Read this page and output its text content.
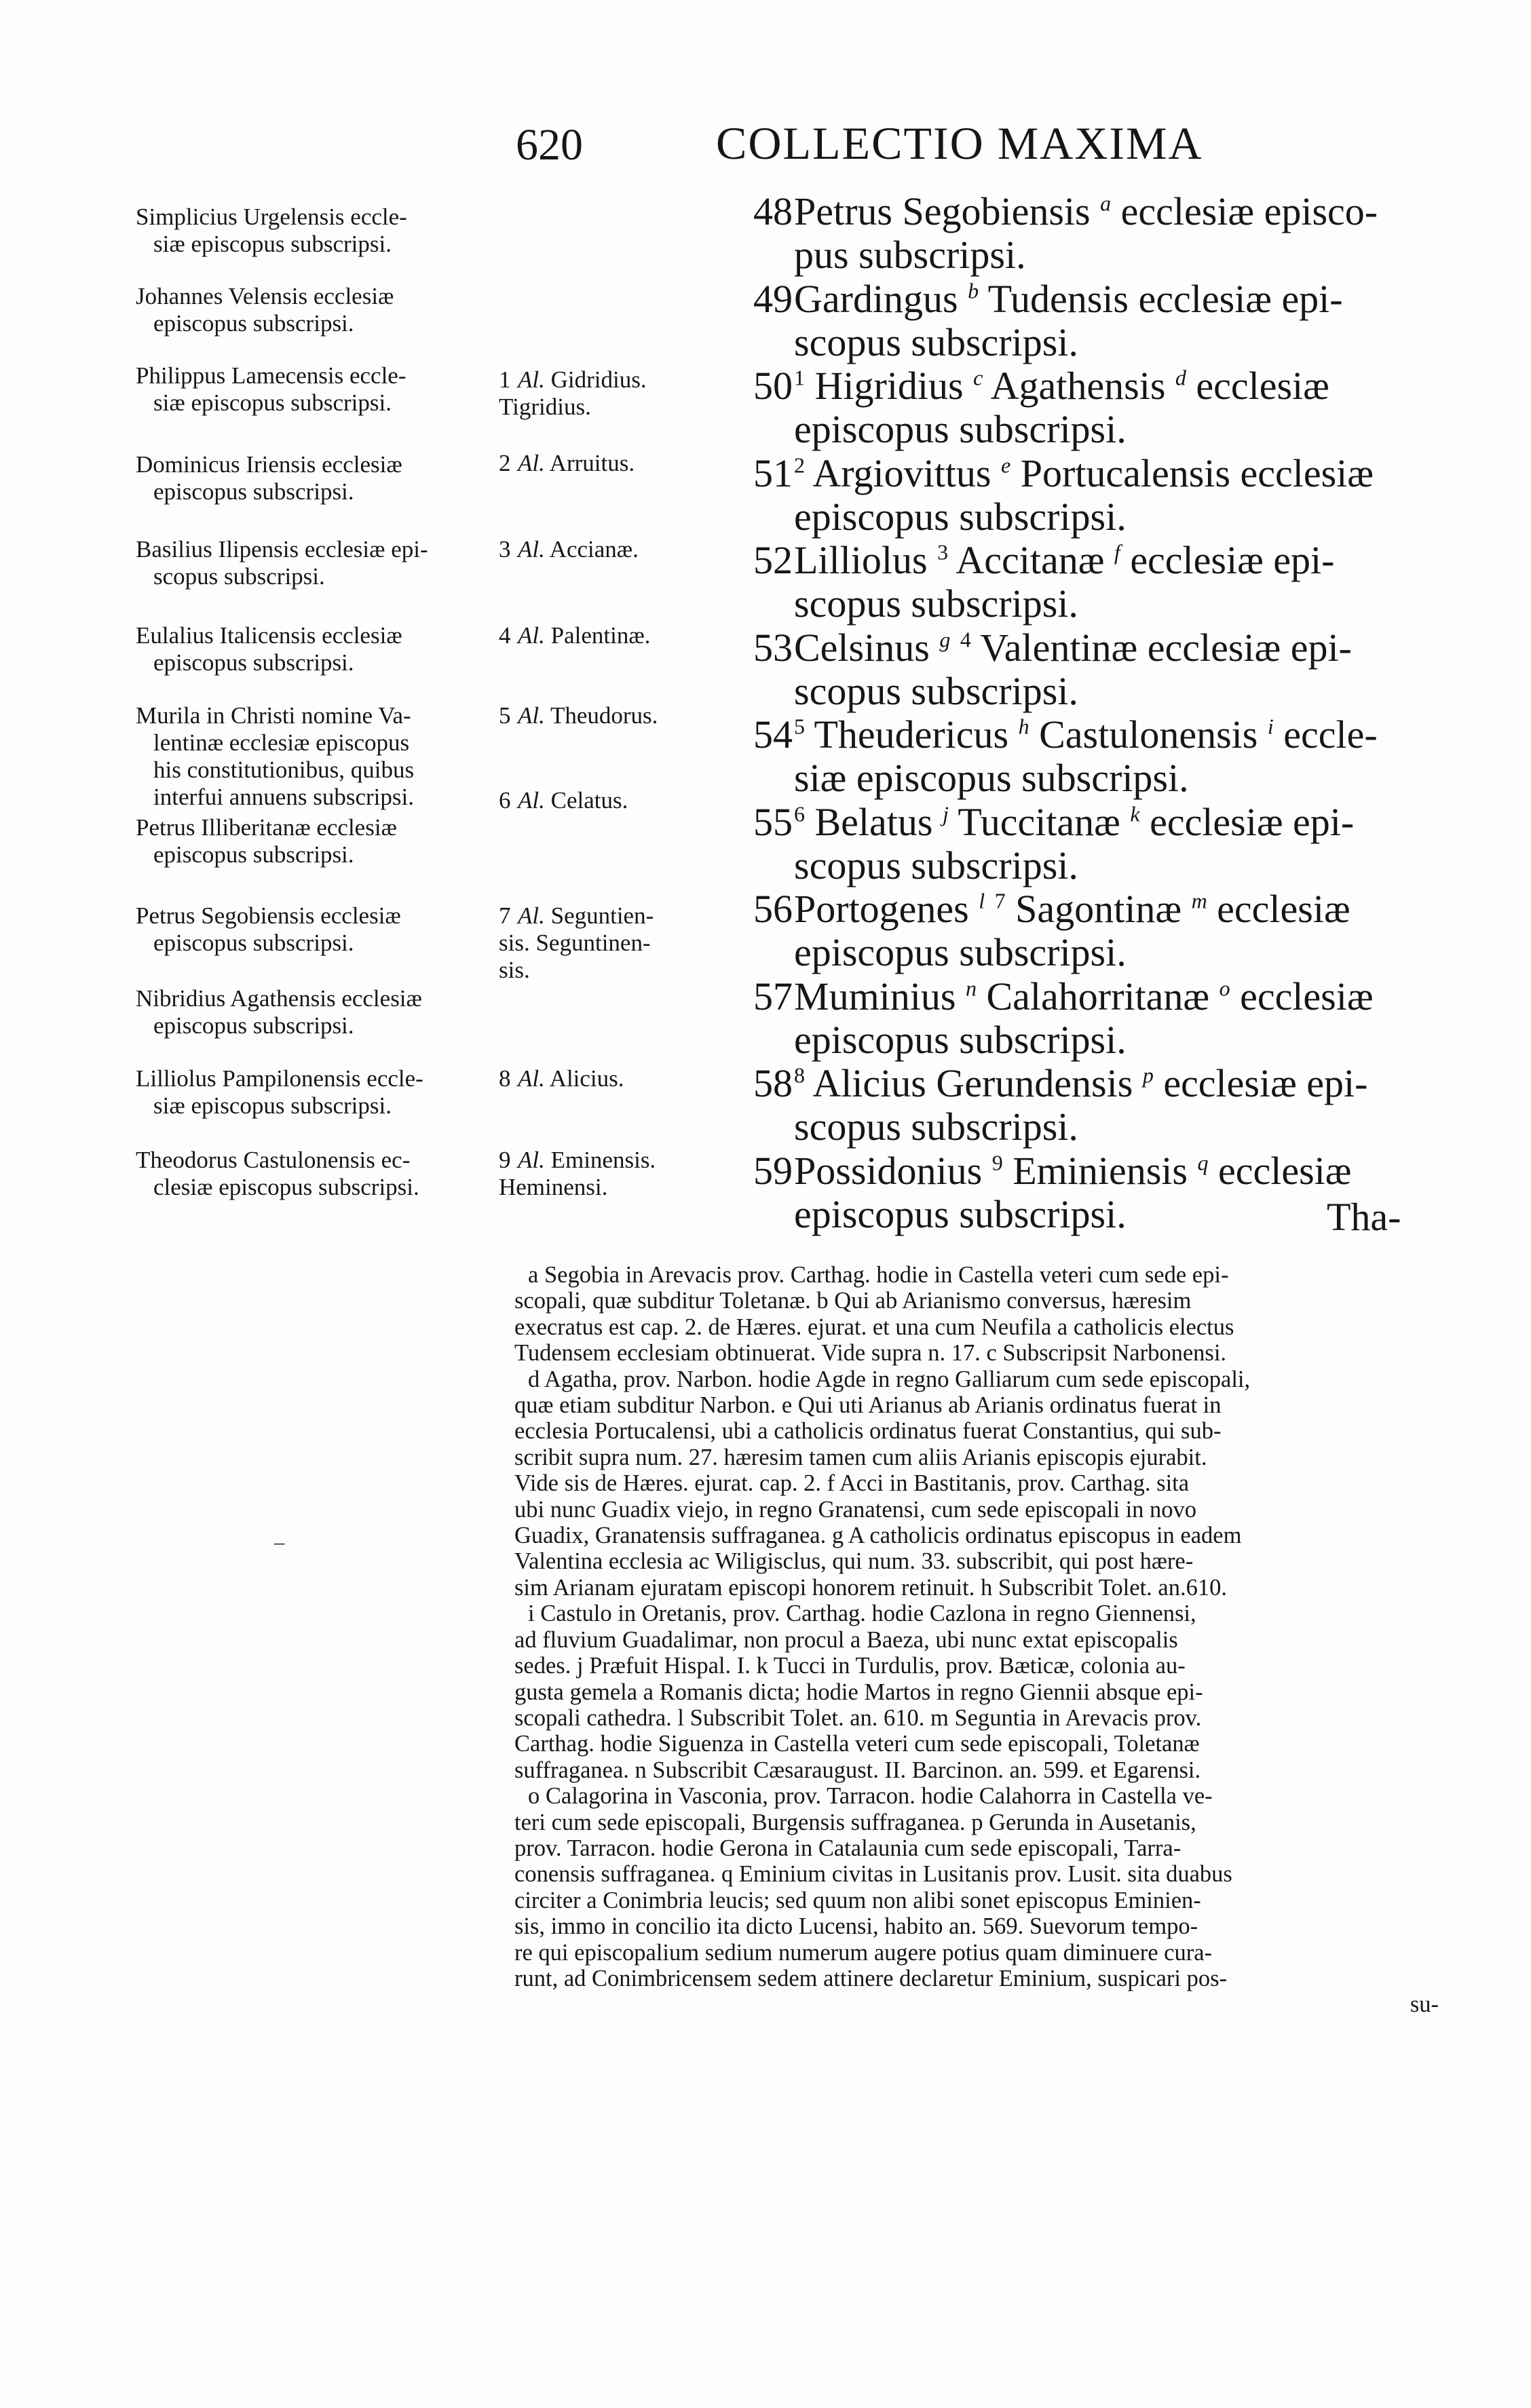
620	COLLECTIO MAXIMA
Simplicius Urgelensis eccle-
siæ episcopus subscripsi.
Johannes Velensis ecclesiæ
episcopus subscripsi.
Philippus Lamecensis eccle-
siæ episcopus subscripsi.
Dominicus Iriensis ecclesiæ
episcopus subscripsi.
Basilius Ilipensis ecclesiæ epi-
scopus subscripsi.
Eulalius Italicensis ecclesiæ
episcopus subscripsi.
Murila in Christi nomine Va-
lentinæ ecclesiæ episcopus
his constitutionibus, quibus
interfui annuens subscripsi.
Petrus Illiberitanæ ecclesiæ
episcopus subscripsi.
Petrus Segobiensis ecclesiæ
episcopus subscripsi.
Nibridius Agathensis ecclesiæ
episcopus subscripsi.
Lilliolus Pampilonensis eccle-
siæ episcopus subscripsi.
Theodorus Castulonensis ec-
clesiæ episcopus subscripsi.
1 Al. Gidridius.
Tigridius.
2 Al. Arruitus.
3 Al. Accianæ.
4 Al. Palentinæ.
5 Al. Theudorus.
6 Al. Celatus.
7 Al. Seguntien-
sis. Seguntinen-
sis.
8 Al. Alicius.
9 Al. Eminensis.
Heminensi.
48Petrus Segobiensis $^a$ ecclesiæ episco-
pus subscripsi.
49Gardingus $^b$ Tudensis ecclesiæ epi-
scopus subscripsi.
50$^1$ Higridius $^c$ Agathensis $^d$ ecclesiæ
episcopus subscripsi.
51$^2$ Argiovittus $^e$ Portucalensis ecclesiæ
episcopus subscripsi.
52Lilliolus $^3$ Accitanæ $^f$ ecclesiæ epi-
scopus subscripsi.
53Celsinus $^g$ $^4$ Valentinæ ecclesiæ epi-
scopus subscripsi.
54$^5$ Theudericus $^h$ Castulonensis $^i$ eccle-
siæ episcopus subscripsi.
55$^6$ Belatus $^j$ Tuccitanæ $^k$ ecclesiæ epi-
scopus subscripsi.
56Portogenes $^l$ $^7$ Sagontinæ $^m$ ecclesiæ
episcopus subscripsi.
57Muminius $^n$ Calahorritanæ $^o$ ecclesiæ
episcopus subscripsi.
58$^8$ Alicius Gerundensis $^p$ ecclesiæ epi-
scopus subscripsi.
59Possidonius $^9$ Eminiensis $^q$ ecclesiæ
episcopus subscripsi.	Tha-
a Segobia in Arevacis prov. Carthag. hodie in Castella veteri cum sede epi-
scopali, quæ subditur Toletanæ. b Qui ab Arianismo conversus, hæresim
execratus est cap. 2. de Hæres. ejurat. et una cum Neufila a catholicis electus
Tudensem ecclesiam obtinuerat. Vide supra n. 17. c Subscripsit Narbonensi.
d Agatha, prov. Narbon. hodie Agde in regno Galliarum cum sede episcopali,
quæ etiam subditur Narbon. e Qui uti Arianus ab Arianis ordinatus fuerat in
ecclesia Portucalensi, ubi a catholicis ordinatus fuerat Constantius, qui sub-
scribit supra num. 27. hæresim tamen cum aliis Arianis episcopis ejurabit.
Vide sis de Hæres. ejurat. cap. 2. f Acci in Bastitanis, prov. Carthag. sita
ubi nunc Guadix viejo, in regno Granatensi, cum sede episcopali in novo
Guadix, Granatensis suffraganea. g A catholicis ordinatus episcopus in eadem
Valentina ecclesia ac Wiligisclus, qui num. 33. subscribit, qui post hære-
sim Arianam ejuratam episcopi honorem retinuit. h Subscribit Tolet. an.610.
i Castulo in Oretanis, prov. Carthag. hodie Cazlona in regno Giennensi,
ad fluvium Guadalimar, non procul a Baeza, ubi nunc extat episcopalis
sedes. j Præfuit Hispal. I. k Tucci in Turdulis, prov. Bæticæ, colonia au-
gusta gemela a Romanis dicta; hodie Martos in regno Giennii absque epi-
scopali cathedra. l Subscribit Tolet. an. 610. m Seguntia in Arevacis prov.
Carthag. hodie Siguenza in Castella veteri cum sede episcopali, Toletanæ
suffraganea. n Subscribit Cæsaraugust. II. Barcinon. an. 599. et Egarensi.
o Calagorina in Vasconia, prov. Tarracon. hodie Calahorra in Castella ve-
teri cum sede episcopali, Burgensis suffraganea. p Gerunda in Ausetanis,
prov. Tarracon. hodie Gerona in Catalaunia cum sede episcopali, Tarra-
conensis suffraganea. q Eminium civitas in Lusitanis prov. Lusit. sita duabus
circiter a Conimbria leucis; sed quum non alibi sonet episcopus Eminien-
sis, immo in concilio ita dicto Lucensi, habito an. 569. Suevorum tempo-
re qui episcopalium sedium numerum augere potius quam diminuere cura-
runt, ad Conimbricensem sedem attinere declaretur Eminium, suspicari pos-
su-
‾
